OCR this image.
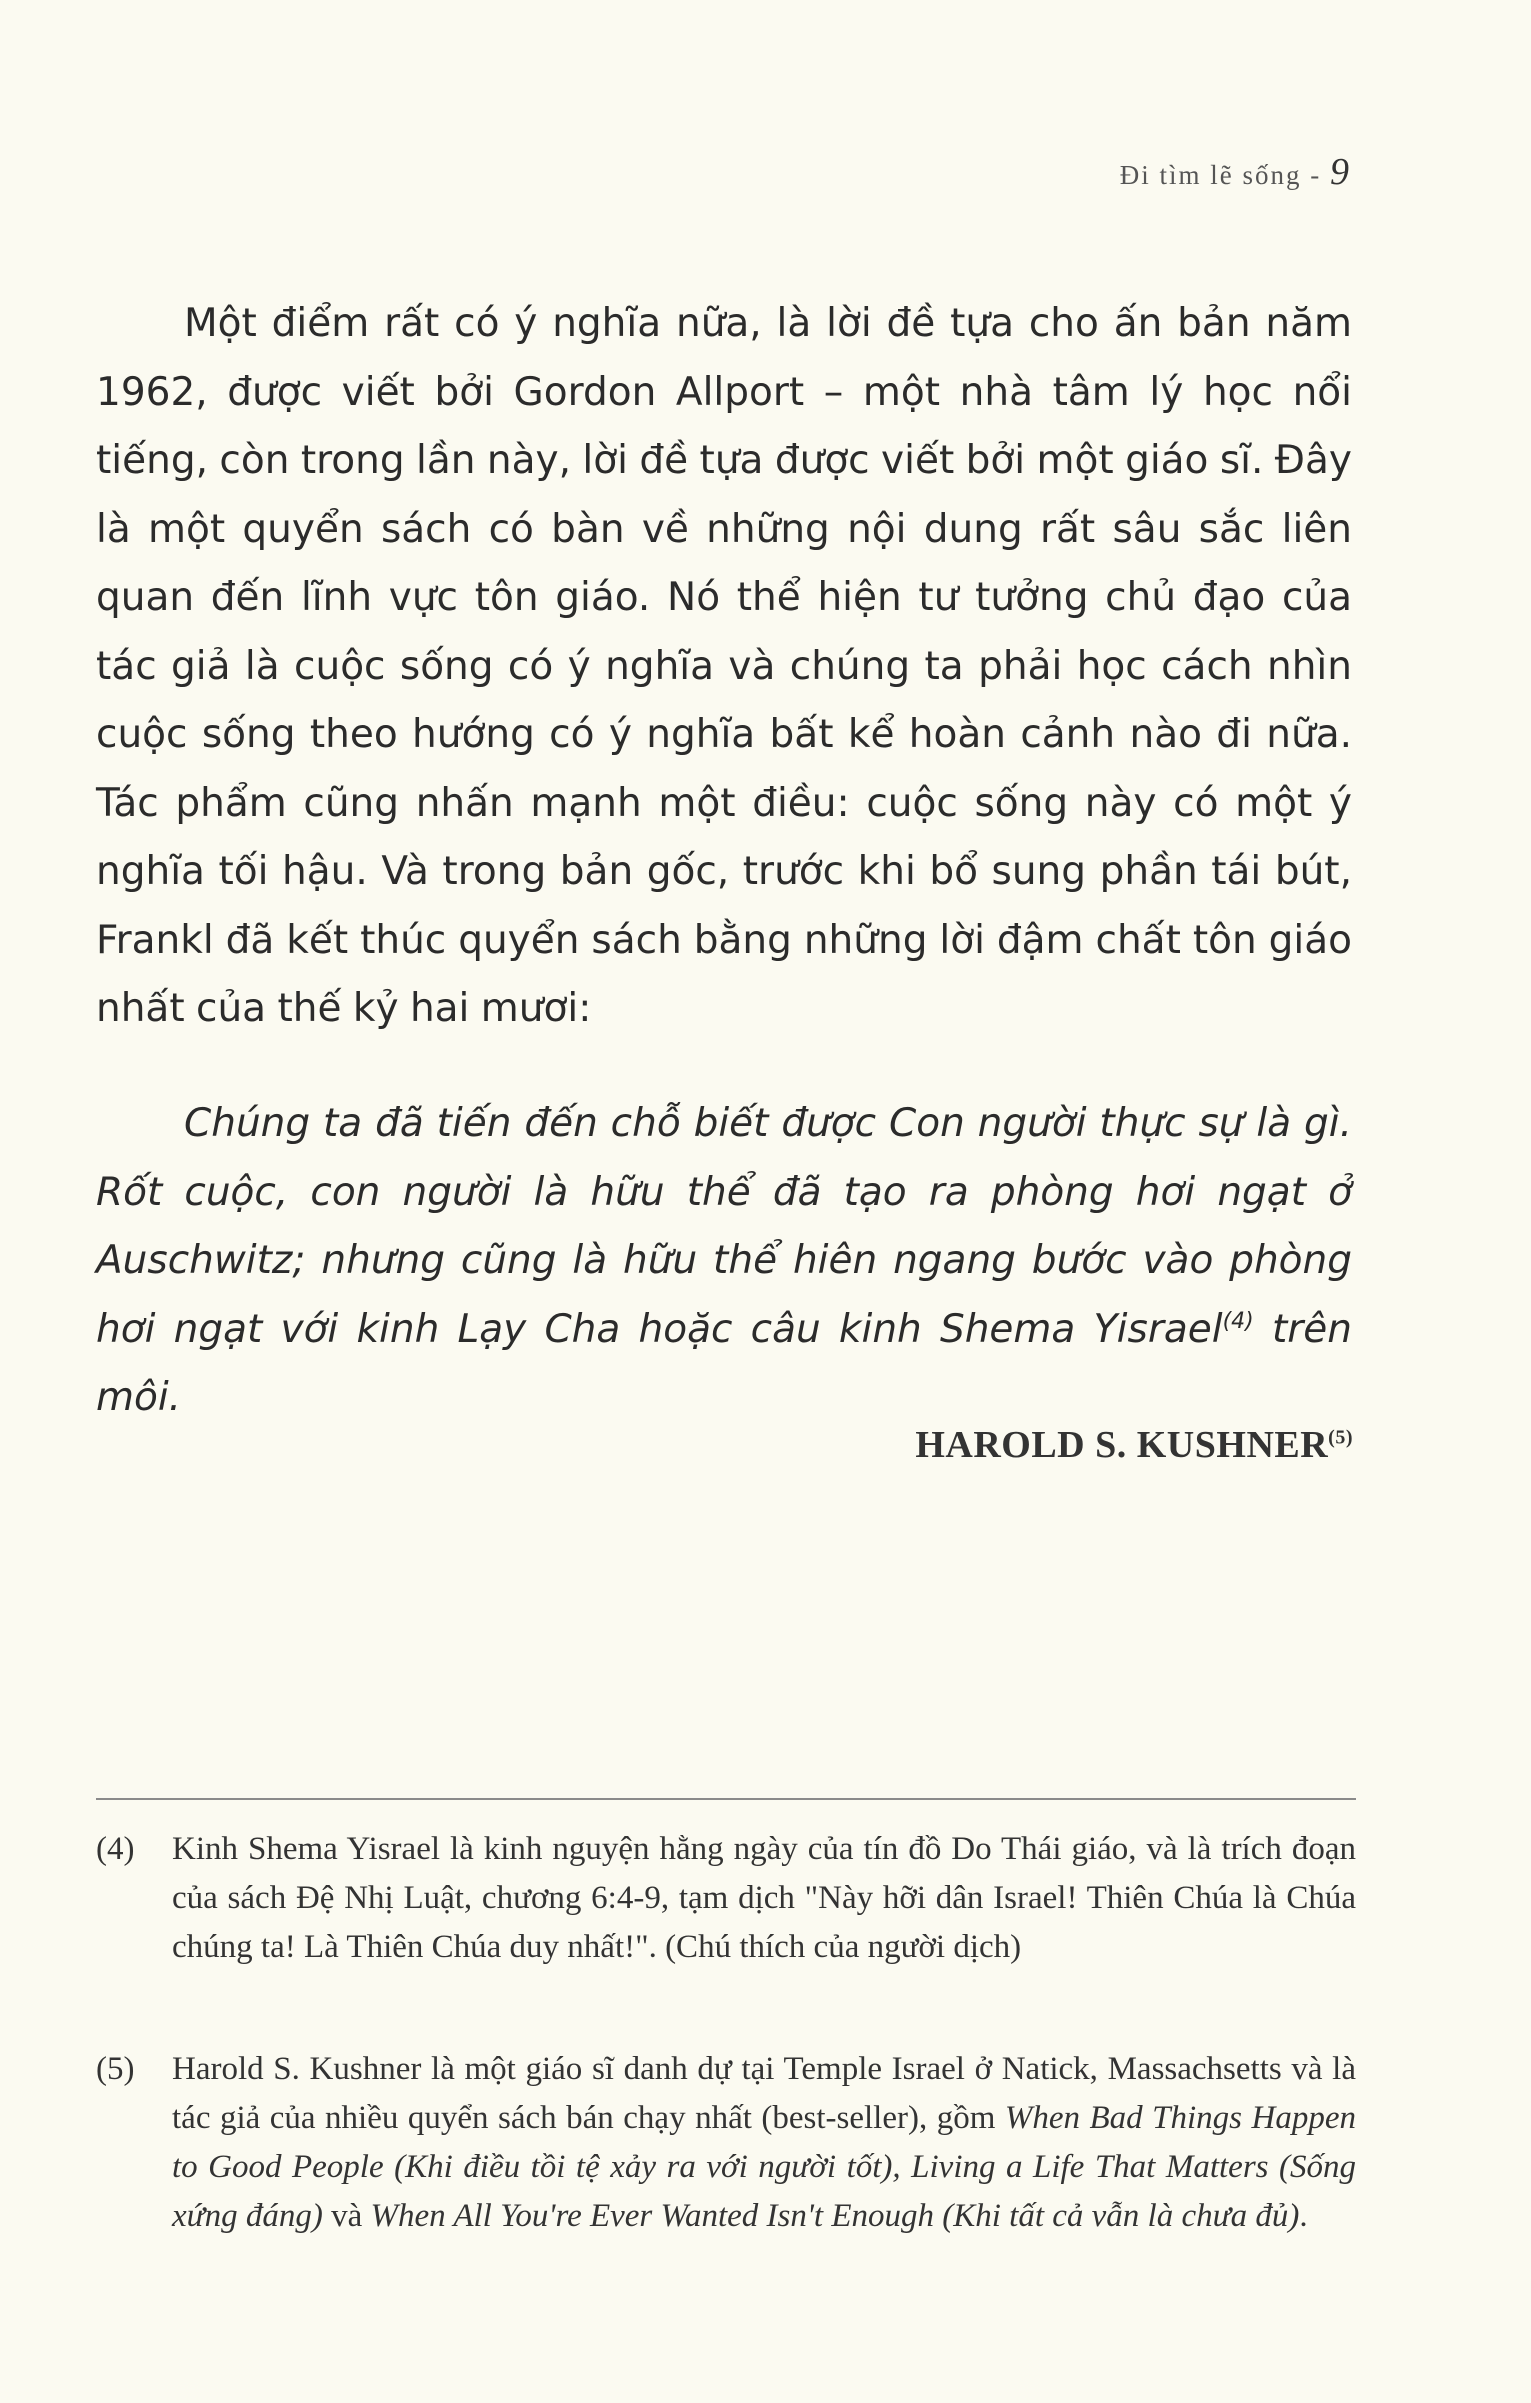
Đi tìm lẽ sống - 9

Một điểm rất có ý nghĩa nữa, là lời đề tựa cho ấn bản năm 1962, được viết bởi Gordon Allport – một nhà tâm lý học nổi tiếng, còn trong lần này, lời đề tựa được viết bởi một giáo sĩ. Đây là một quyển sách có bàn về những nội dung rất sâu sắc liên quan đến lĩnh vực tôn giáo. Nó thể hiện tư tưởng chủ đạo của tác giả là cuộc sống có ý nghĩa và chúng ta phải học cách nhìn cuộc sống theo hướng có ý nghĩa bất kể hoàn cảnh nào đi nữa. Tác phẩm cũng nhấn mạnh một điều: cuộc sống này có một ý nghĩa tối hậu. Và trong bản gốc, trước khi bổ sung phần tái bút, Frankl đã kết thúc quyển sách bằng những lời đậm chất tôn giáo nhất của thế kỷ hai mươi:

Chúng ta đã tiến đến chỗ biết được Con người thực sự là gì. Rốt cuộc, con người là hữu thể đã tạo ra phòng hơi ngạt ở Auschwitz; nhưng cũng là hữu thể hiên ngang bước vào phòng hơi ngạt với kinh Lạy Cha hoặc câu kinh Shema Yisrael$^{(4)}$ trên môi.

HAROLD S. KUSHNER$^{(5)}$
(4) Kinh Shema Yisrael là kinh nguyện hằng ngày của tín đồ Do Thái giáo, và là trích đoạn của sách Đệ Nhị Luật, chương 6:4-9, tạm dịch "Này hỡi dân Israel! Thiên Chúa là Chúa chúng ta! Là Thiên Chúa duy nhất!". (Chú thích của người dịch)
(5) Harold S. Kushner là một giáo sĩ danh dự tại Temple Israel ở Natick, Massachsetts và là tác giả của nhiều quyển sách bán chạy nhất (best-seller), gồm When Bad Things Happen to Good People (Khi điều tồi tệ xảy ra với người tốt), Living a Life That Matters (Sống xứng đáng) và When All You're Ever Wanted Isn't Enough (Khi tất cả vẫn là chưa đủ).
